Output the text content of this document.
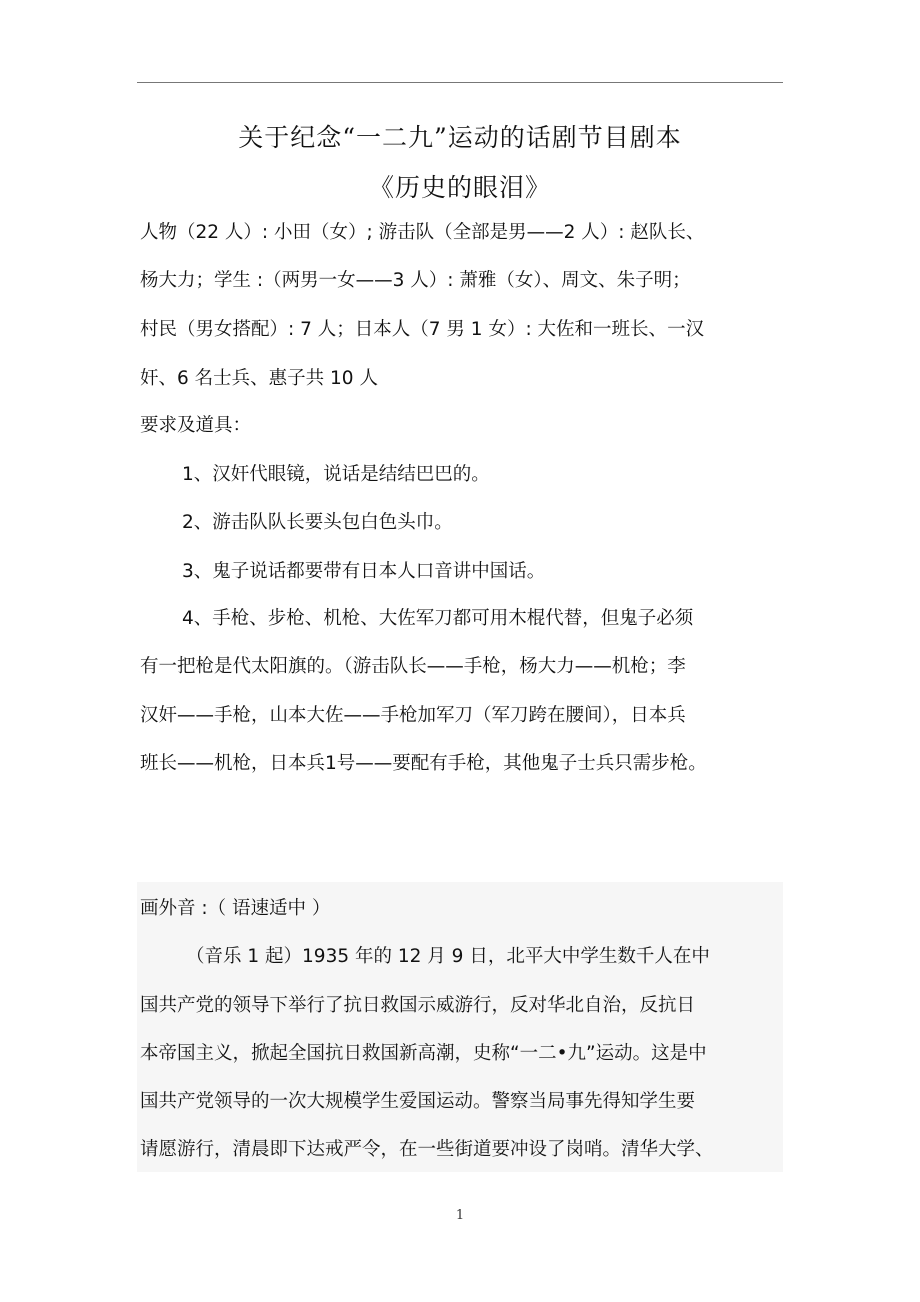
关于纪念“一二九”运动的话剧节目剧本
《历史的眼泪》
人物（22 人）: 小田（女）; 游击队（全部是男——2 人）: 赵队长、
杨大力；学生 :（两男一女——3 人）: 萧雅（女）、周文、朱子明；
村民（男女搭配）: 7 人；日本人（7 男 1 女）: 大佐和一班长、一汉
奸、6 名士兵、惠子共 10 人
要求及道具：
1、汉奸代眼镜，说话是结结巴巴的。
2、游击队队长要头包白色头巾。
3、鬼子说话都要带有日本人口音讲中国话。
4、手枪、步枪、机枪、大佐军刀都可用木棍代替，但鬼子必须
有一把枪是代太阳旗的。（游击队长——手枪，杨大力——机枪；李
汉奸——手枪，山本大佐——手枪加军刀（军刀跨在腰间），日本兵
班长——机枪，日本兵1号——要配有手枪，其他鬼子士兵只需步枪。
画外音 :（ 语速适中 ）
（音乐 1 起）1935 年的 12 月 9 日，北平大中学生数千人在中
国共产党的领导下举行了抗日救国示威游行，反对华北自治，反抗日
本帝国主义，掀起全国抗日救国新高潮，史称“一二•九”运动。这是中
国共产党领导的一次大规模学生爱国运动。警察当局事先得知学生要
请愿游行，清晨即下达戒严令，在一些街道要冲设了岗哨。清华大学、
1
